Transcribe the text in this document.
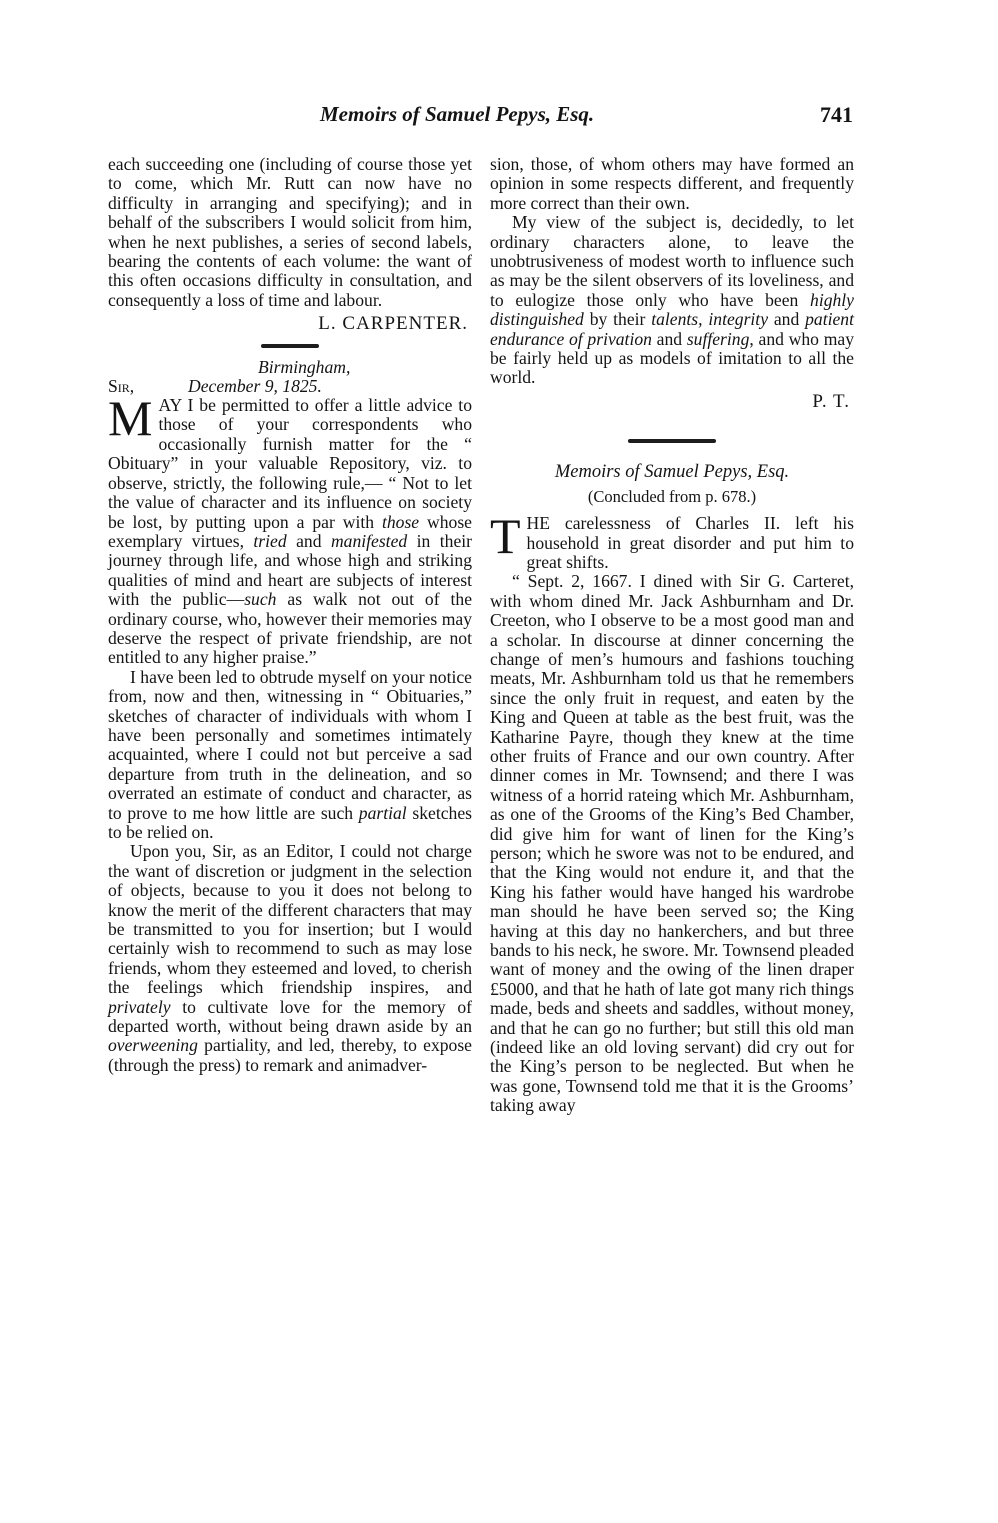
Memoirs of Samuel Pepys, Esq.	741

each succeeding one (including of course those yet to come, which Mr. Rutt can now have no difficulty in arranging and specifying); and in behalf of the subscribers I would solicit from him, when he next publishes, a series of second labels, bearing the contents of each volume: the want of this often occasions difficulty in consultation, and consequently a loss of time and labour.

L. CARPENTER.

Birmingham,

Sir,	December 9, 1825.

MAY I be permitted to offer a little advice to those of your correspondents who occasionally furnish matter for the “ Obituary” in your valuable Repository, viz. to observe, strictly, the following rule,— “ Not to let the value of character and its influence on society be lost, by putting upon a par with those whose exemplary virtues, tried and manifested in their journey through life, and whose high and striking qualities of mind and heart are subjects of interest with the public—such as walk not out of the ordinary course, who, however their memories may deserve the respect of private friendship, are not entitled to any higher praise.”

I have been led to obtrude myself on your notice from, now and then, witnessing in “ Obituaries,” sketches of character of individuals with whom I have been personally and sometimes intimately acquainted, where I could not but perceive a sad departure from truth in the delineation, and so overrated an estimate of conduct and character, as to prove to me how little are such partial sketches to be relied on.

Upon you, Sir, as an Editor, I could not charge the want of discretion or judgment in the selection of objects, because to you it does not belong to know the merit of the different characters that may be transmitted to you for insertion; but I would certainly wish to recommend to such as may lose friends, whom they esteemed and loved, to cherish the feelings which friendship inspires, and privately to cultivate love for the memory of departed worth, without being drawn aside by an overweening partiality, and led, thereby, to expose (through the press) to remark and animadver-

sion, those, of whom others may have formed an opinion in some respects different, and frequently more correct than their own.

My view of the subject is, decidedly, to let ordinary characters alone, to leave the unobtrusiveness of modest worth to influence such as may be the silent observers of its loveliness, and to eulogize those only who have been highly distinguished by their talents, integrity and patient endurance of privation and suffering, and who may be fairly held up as models of imitation to all the world.

P. T.

Memoirs of Samuel Pepys, Esq.

(Concluded from p. 678.)

THE carelessness of Charles II. left his household in great disorder and put him to great shifts.

“ Sept. 2, 1667. I dined with Sir G. Carteret, with whom dined Mr. Jack Ashburnham and Dr. Creeton, who I observe to be a most good man and a scholar. In discourse at dinner concerning the change of men’s humours and fashions touching meats, Mr. Ashburnham told us that he remembers since the only fruit in request, and eaten by the King and Queen at table as the best fruit, was the Katharine Payre, though they knew at the time other fruits of France and our own country. After dinner comes in Mr. Townsend; and there I was witness of a horrid rateing which Mr. Ashburnham, as one of the Grooms of the King’s Bed Chamber, did give him for want of linen for the King’s person; which he swore was not to be endured, and that the King would not endure it, and that the King his father would have hanged his wardrobe man should he have been served so; the King having at this day no hankerchers, and but three bands to his neck, he swore. Mr. Townsend pleaded want of money and the owing of the linen draper £5000, and that he hath of late got many rich things made, beds and sheets and saddles, without money, and that he can go no further; but still this old man (indeed like an old loving servant) did cry out for the King’s person to be neglected. But when he was gone, Townsend told me that it is the Grooms’ taking away
